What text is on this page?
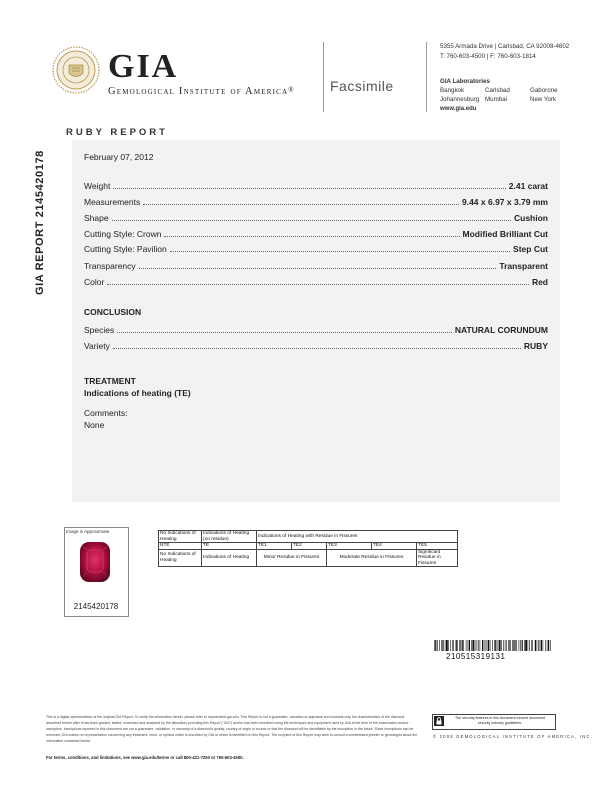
GIA
Gemological Institute of America®	Facsimile
5355 Armada Drive | Carlsbad, CA 92008-4602
T: 760-603-4500 | F: 760-603-1814
GIA Laboratories
Bangkok	Carlsbad	Gaborone
Johannesburg Mumbai	New York
www.gia.edu
RUBY REPORT
GIA REPORT 2145420178	February 07, 2012
Weight	2.41 carat
Measurements	9.44 x 6.97 x 3.79 mm
Shape	Cushion
Cutting Style: Crown	Modified Brilliant Cut
Cutting Style: Pavilion	Step Cut
Transparency	Transparent
Color	Red
CONCLUSION
Species	NATURAL CORUNDUM
Variety	RUBY
TREATMENT
Indications of heating (TE)
Comments:
None
Image is Approximate
2145420178
No Indications of Heating	Indications of Heating (no residue)	Indications of Heating with Residue in Fissures				
NTE	TE	TE1	TE2	TE3	TE4	TE5
No Indications of Heating	Indications of Heating	Minor Residue in Fissures		Moderate Residue in Fissures		Significant Residue in Fissures
210515319131
This is a digital representation of the original GIA Report. To verify the information herein, please refer to reportcheck.gia.edu. This Report is not a guarantee, valuation or appraisal and contains only the characteristics of the diamond described herein after it has been graded, tested, examined and analyzed by the laboratory providing this Report ("GIA") and/or has been inscribed using the techniques and equipment used by GIA at the time of the examination and/or inscription. Inscriptions reported in this document are not a guarantee, validation, or warranty of a diamond's quality, country of origin or source or that the diamond will be identifiable by the inscription in the future. Since inscriptions can be removed, GIA makes no representation concerning any treatment, recut, or symbol which is inscribed by GIA or which is identified on this Report. The recipient of this Report may wish to consult a credentialed jeweler or gemologist about the information contained herein.
For terms, conditions, and limitations, see www.gia.edu/terms or call 800-421-7250 or 760-603-4500.
The security features in this document exceed document security industry guidelines.
© 2008 GEMOLOGICAL INSTITUTE OF AMERICA, INC.
